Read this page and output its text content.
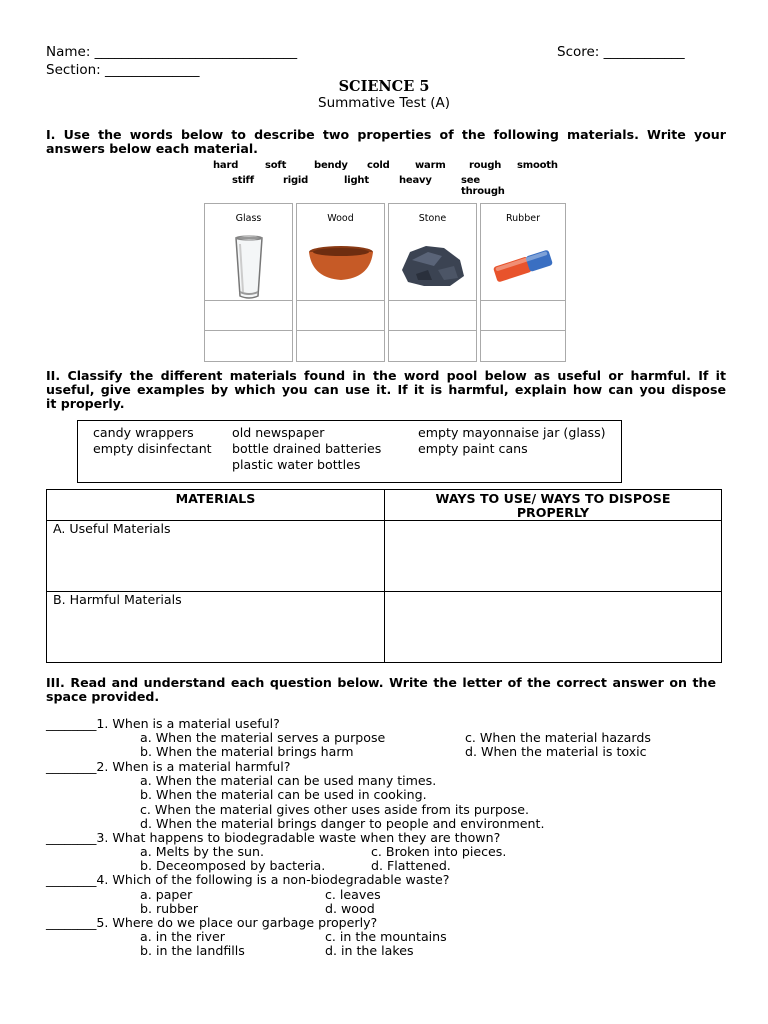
Name: ______________________________	Score: ____________
Section: ______________
SCIENCE 5
Summative Test (A)
I. Use the words below to describe two properties of the following materials. Write your
answers below each material.
hard	soft	bendy cold	warm rough smooth
stiff	rigid	light	heavy	see through
Glass	Wood	Stone	Rubber
II. Classify the different materials found in the word pool below as useful or harmful. If it
useful, give examples by which you can use it. If it is harmful, explain how can you dispose
it properly.
candy wrappers
empty disinfectant
old newspaper
bottle drained batteries
plastic water bottles
empty mayonnaise jar (glass)
empty paint cans
MATERIALS	WAYS TO USE/ WAYS TO DISPOSE
PROPERLY

A. Useful Materials	
B. Harmful Materials	
III. Read and understand each question below. Write the letter of the correct answer on the
space provided.
________1. When is a material useful?
a. When the material serves a purpose	c. When the material hazards
b. When the material brings harm	d. When the material is toxic
________2. When is a material harmful?
a. When the material can be used many times.
b. When the material can be used in cooking.
c. When the material gives other uses aside from its purpose.
d. When the material brings danger to people and environment.
________3. What happens to biodegradable waste when they are thown?
a. Melts by the sun.	c. Broken into pieces.
b. Deceomposed by bacteria.	d. Flattened.
________4. Which of the following is a non-biodegradable waste?
a. paper	c. leaves
b. rubber	d. wood
________5. Where do we place our garbage properly?
a. in the river	c. in the mountains
b. in the landfills	d. in the lakes
